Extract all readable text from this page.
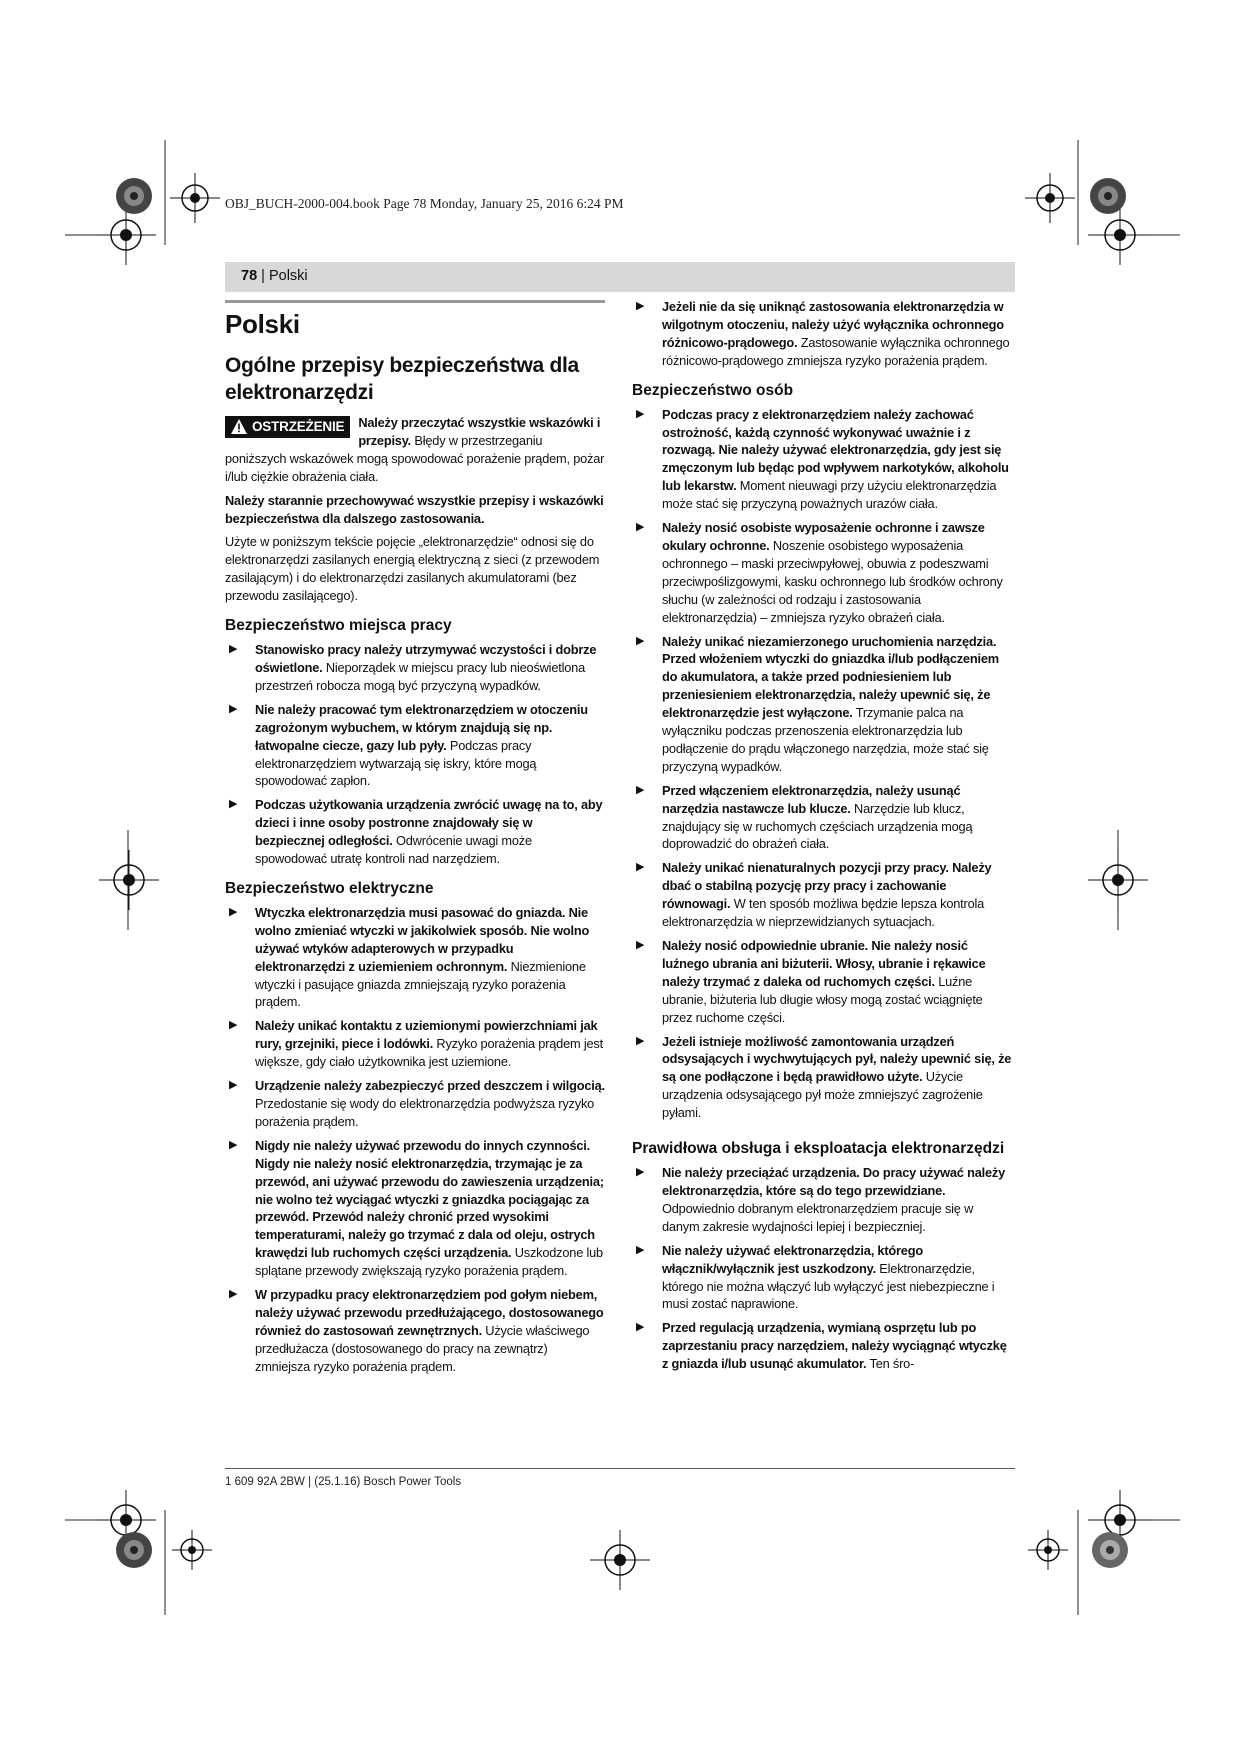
OBJ_BUCH-2000-004.book Page 78 Monday, January 25, 2016 6:24 PM
78 | Polski
Polski
Ogólne przepisy bezpieczeństwa dla elektronarzędzi
OSTRZEŻENIE Należy przeczytać wszystkie wskazówki i przepisy. Błędy w przestrzeganiu poniższych wskazówek mogą spowodować porażenie prądem, pożar i/lub ciężkie obrażenia ciała.
Należy starannie przechowywać wszystkie przepisy i wskazówki bezpieczeństwa dla dalszego zastosowania.
Użyte w poniższym tekście pojęcie „elektronarzędzie“ odnosi się do elektronarzędzi zasilanych energią elektryczną z sieci (z przewodem zasilającym) i do elektronarzędzi zasilanych akumulatorami (bez przewodu zasilającego).
Bezpieczeństwo miejsca pracy
▶ Stanowisko pracy należy utrzymywać wczystości i dobrze oświetlone. Nieporządek w miejscu pracy lub nieoświetlona przestrzeń robocza mogą być przyczyną wypadków.
▶ Nie należy pracować tym elektronarzędziem w otoczeniu zagrożonym wybuchem, w którym znajdują się np. łatwopalne ciecze, gazy lub pyły. Podczas pracy elektronarzędziem wytwarzają się iskry, które mogą spowodować zapłon.
▶ Podczas użytkowania urządzenia zwrócić uwagę na to, aby dzieci i inne osoby postronne znajdowały się w bezpiecznej odległości. Odwrócenie uwagi może spowodować utratę kontroli nad narzędziem.
Bezpieczeństwo elektryczne
▶ Wtyczka elektronarzędzia musi pasować do gniazda. Nie wolno zmieniać wtyczki w jakikolwiek sposób. Nie wolno używać wtyków adapterowych w przypadku elektronarzędzi z uziemieniem ochronnym. Niezmienione wtyczki i pasujące gniazda zmniejszają ryzyko porażenia prądem.
▶ Należy unikać kontaktu z uziemionymi powierzchniami jak rury, grzejniki, piece i lodówki. Ryzyko porażenia prądem jest większe, gdy ciało użytkownika jest uziemione.
▶ Urządzenie należy zabezpieczyć przed deszczem i wilgocią. Przedostanie się wody do elektronarzędzia podwyższa ryzyko porażenia prądem.
▶ Nigdy nie należy używać przewodu do innych czynności. Nigdy nie należy nosić elektronarzędzia, trzymając je za przewód, ani używać przewodu do zawieszenia urządzenia; nie wolno też wyciągać wtyczki z gniazdka pociągając za przewód. Przewód należy chronić przed wysokimi temperaturami, należy go trzymać z dala od oleju, ostrych krawędzi lub ruchomych części urządzenia. Uszkodzone lub splątane przewody zwiększają ryzyko porażenia prądem.
▶ W przypadku pracy elektronarzędziem pod gołym niebem, należy używać przewodu przedłużającego, dostosowanego również do zastosowań zewnętrznych. Użycie właściwego przedłużacza (dostosowanego do pracy na zewnątrz) zmniejsza ryzyko porażenia prądem.
▶ Jeżeli nie da się uniknąć zastosowania elektronarzędzia w wilgotnym otoczeniu, należy użyć wyłącznika ochronnego różnicowo-prądowego. Zastosowanie wyłącznika ochronnego różnicowo-prądowego zmniejsza ryzyko porażenia prądem.
Bezpieczeństwo osób
▶ Podczas pracy z elektronarzędziem należy zachować ostrożność, każdą czynność wykonywać uważnie i z rozwagą. Nie należy używać elektronarzędzia, gdy jest się zmęczonym lub będąc pod wpływem narkotyków, alkoholu lub lekarstw. Moment nieuwagi przy użyciu elektronarzędzia może stać się przyczyną poważnych urazów ciała.
▶ Należy nosić osobiste wyposażenie ochronne i zawsze okulary ochronne. Noszenie osobistego wyposażenia ochronnego – maski przeciwpyłowej, obuwia z podeszwami przeciwpoślizgowymi, kasku ochronnego lub środków ochrony słuchu (w zależności od rodzaju i zastosowania elektronarzędzia) – zmniejsza ryzyko obrażeń ciała.
▶ Należy unikać niezamierzonego uruchomienia narzędzia. Przed włożeniem wtyczki do gniazdka i/lub podłączeniem do akumulatora, a także przed podniesieniem lub przeniesieniem elektronarzędzia, należy upewnić się, że elektronarzędzie jest wyłączone. Trzymanie palca na wyłączniku podczas przenoszenia elektronarzędzia lub podłączenie do prądu włączonego narzędzia, może stać się przyczyną wypadków.
▶ Przed włączeniem elektronarzędzia, należy usunąć narzędzia nastawcze lub klucze. Narzędzie lub klucz, znajdujący się w ruchomych częściach urządzenia mogą doprowadzić do obrażeń ciała.
▶ Należy unikać nienaturalnych pozycji przy pracy. Należy dbać o stabilną pozycję przy pracy i zachowanie równowagi. W ten sposób możliwa będzie lepsza kontrola elektronarzędzia w nieprzewidzianych sytuacjach.
▶ Należy nosić odpowiednie ubranie. Nie należy nosić luźnego ubrania ani biżuterii. Włosy, ubranie i rękawice należy trzymać z daleka od ruchomych części. Luźne ubranie, biżuteria lub długie włosy mogą zostać wciągnięte przez ruchome części.
▶ Jeżeli istnieje możliwość zamontowania urządzeń odsysających i wychwytujących pył, należy upewnić się, że są one podłączone i będą prawidłowo użyte. Użycie urządzenia odsysającego pył może zmniejszyć zagrożenie pyłami.
Prawidłowa obsługa i eksploatacja elektronarzędzi
▶ Nie należy przeciążać urządzenia. Do pracy używać należy elektronarzędzia, które są do tego przewidziane. Odpowiednio dobranym elektronarzędziem pracuje się w danym zakresie wydajności lepiej i bezpieczniej.
▶ Nie należy używać elektronarzędzia, którego włącznik/wyłącznik jest uszkodzony. Elektronarzędzie, którego nie można włączyć lub wyłączyć jest niebezpieczne i musi zostać naprawione.
▶ Przed regulacją urządzenia, wymianą osprzętu lub po zaprzestaniu pracy narzędziem, należy wyciągnąć wtyczkę z gniazda i/lub usunąć akumulator. Ten śro-
1 609 92A 2BW | (25.1.16) Bosch Power Tools
